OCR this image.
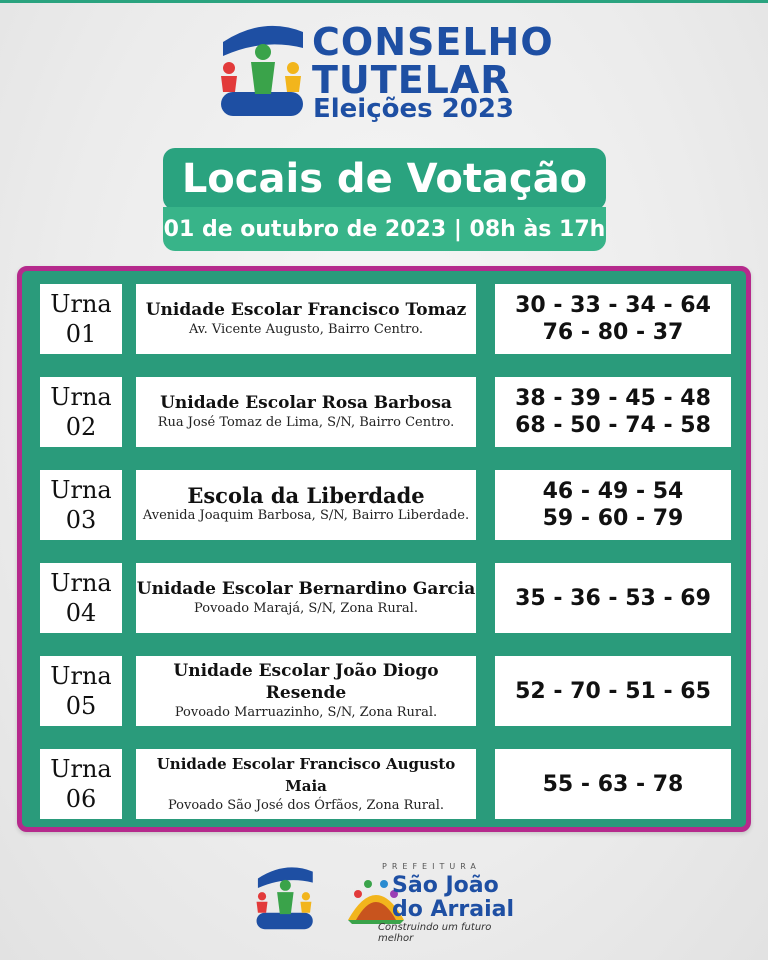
CONSELHO
TUTELAR
Eleições 2023
Locais de Votação
01 de outubro de 2023 | 08h às 17h
Urna
01
Unidade Escolar Francisco Tomaz
Av. Vicente Augusto, Bairro Centro.
30 - 33 - 34 - 64
76 - 80 - 37
Urna
02
Unidade Escolar Rosa Barbosa
Rua José Tomaz de Lima, S/N, Bairro Centro.
38 - 39 - 45 - 48
68 - 50 - 74 - 58
Urna
03
Escola da Liberdade
Avenida Joaquim Barbosa, S/N, Bairro Liberdade.
46 - 49 - 54
59 - 60 - 79
Urna
04
Unidade Escolar Bernardino Garcia
Povoado Marajá, S/N, Zona Rural.	35 - 36 - 53 - 69
Urna
05
Unidade Escolar João Diogo Resende
Povoado Marruazinho, S/N, Zona Rural.
52 - 70 - 51 - 65
Urna
06
Unidade Escolar Francisco Augusto Maia
Povoado São José dos Órfãos, Zona Rural.
55 - 63 - 78
PREFEITURA
São João
do Arraial
Construindo um futuro melhor
